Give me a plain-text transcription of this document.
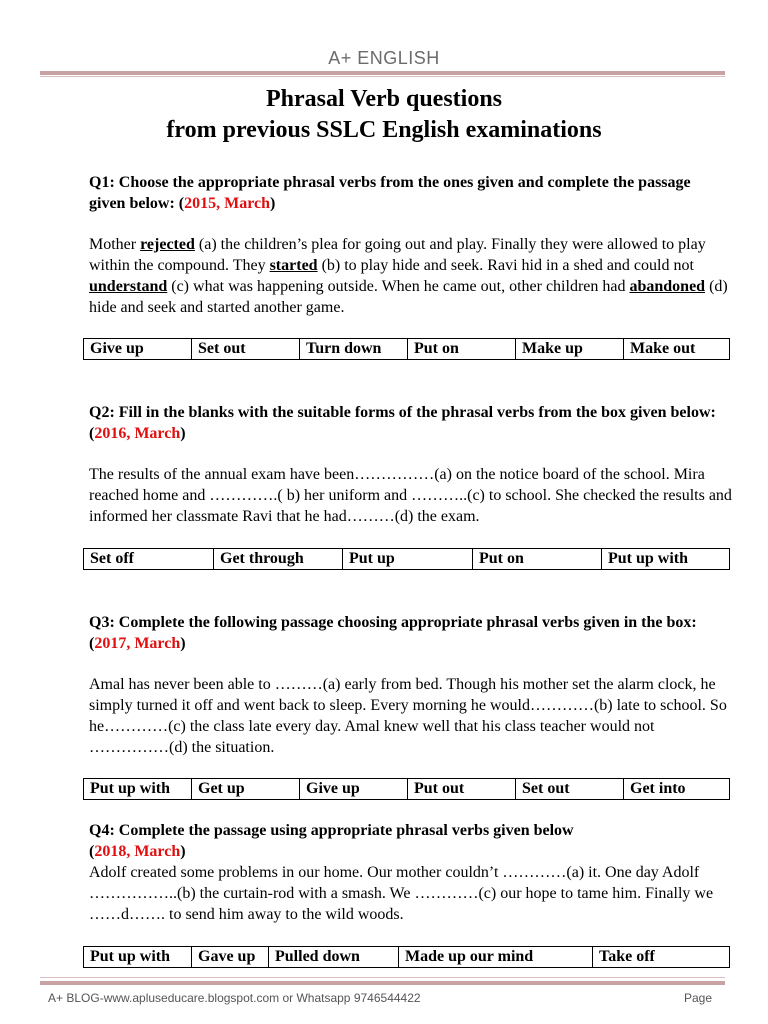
A+ ENGLISH
Phrasal Verb questions
from previous SSLC English examinations
Q1: Choose the appropriate phrasal verbs from the ones given and complete the passage given below: (2015, March)
Mother rejected (a) the children’s plea for going out and play. Finally they were allowed to play within the compound. They started (b) to play hide and seek. Ravi hid in a shed and could not understand (c) what was happening outside. When he came out, other children had abandoned (d) hide and seek and started another game.
Give up	Set out	Turn down	Put on	Make up	Make out
Q2: Fill in the blanks with the suitable forms of the phrasal verbs from the box given below: (2016, March)
The results of the annual exam have been……………(a) on the notice board of the school. Mira reached home and ………….( b) her uniform and ………..(c) to school. She checked the results and informed her classmate Ravi that he had………(d) the exam.
Set off	Get through	Put up	Put on	Put up with
Q3: Complete the following passage choosing appropriate phrasal verbs given in the box: (2017, March)
Amal has never been able to ………(a) early from bed. Though his mother set the alarm clock, he simply turned it off and went back to sleep. Every morning he would…………(b) late to school. So he…………(c) the class late every day. Amal knew well that his class teacher would not ……………(d) the situation.
Put up with	Get up	Give up	Put out	Set out	Get into
Q4: Complete the passage using appropriate phrasal verbs given below
(2018, March)
Adolf created some problems in our home. Our mother couldn’t …………(a) it. One day Adolf ……………..(b) the curtain-rod with a smash. We …………(c) our hope to tame him. Finally we ……d……. to send him away to the wild woods.
Put up with	Gave up	Pulled down	Made up our mind	Take off
A+ BLOG-www.apluseducare.blogspot.com or Whatsapp 9746544422	Page
